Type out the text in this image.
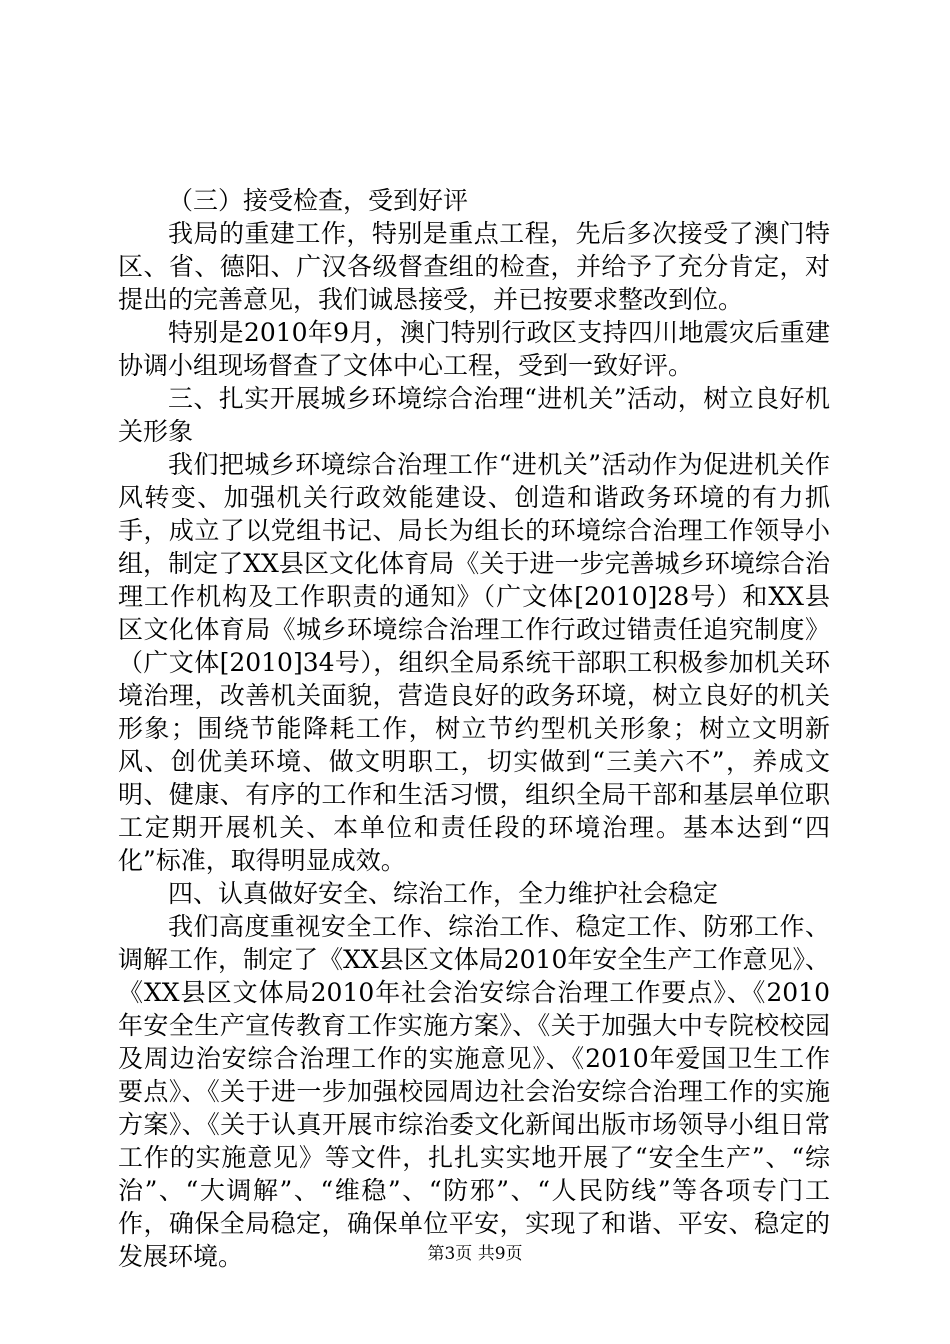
（三）接受检查，受到好评

我局的重建工作，特别是重点工程，先后多次接受了澳门特区、省、德阳、广汉各级督查组的检查，并给予了充分肯定，对提出的完善意见，我们诚恳接受，并已按要求整改到位。

特别是2010年9月，澳门特别行政区支持四川地震灾后重建协调小组现场督查了文体中心工程，受到一致好评。

三、扎实开展城乡环境综合治理“进机关”活动，树立良好机关形象

我们把城乡环境综合治理工作“进机关”活动作为促进机关作风转变、加强机关行政效能建设、创造和谐政务环境的有力抓手，成立了以党组书记、局长为组长的环境综合治理工作领导小组，制定了XX县区文化体育局《关于进一步完善城乡环境综合治理工作机构及工作职责的通知》（广文体[2010]28号）和XX县区文化体育局《城乡环境综合治理工作行政过错责任追究制度》（广文体[2010]34号），组织全局系统干部职工积极参加机关环境治理，改善机关面貌，营造良好的政务环境，树立良好的机关形象；围绕节能降耗工作，树立节约型机关形象；树立文明新风、创优美环境、做文明职工，切实做到“三美六不”，养成文明、健康、有序的工作和生活习惯，组织全局干部和基层单位职工定期开展机关、本单位和责任段的环境治理。基本达到“四化”标准，取得明显成效。

四、认真做好安全、综治工作，全力维护社会稳定

我们高度重视安全工作、综治工作、稳定工作、防邪工作、调解工作，制定了《XX县区文体局2010年安全生产工作意见》、《XX县区文体局2010年社会治安综合治理工作要点》、《2010年安全生产宣传教育工作实施方案》、《关于加强大中专院校校园及周边治安综合治理工作的实施意见》、《2010年爱国卫生工作要点》、《关于进一步加强校园周边社会治安综合治理工作的实施方案》、《关于认真开展市综治委文化新闻出版市场领导小组日常工作的实施意见》等文件，扎扎实实地开展了“安全生产”、“综治”、“大调解”、“维稳”、“防邪”、“人民防线”等各项专门工作，确保全局稳定，确保单位平安，实现了和谐、平安、稳定的发展环境。	第3页 共9页
